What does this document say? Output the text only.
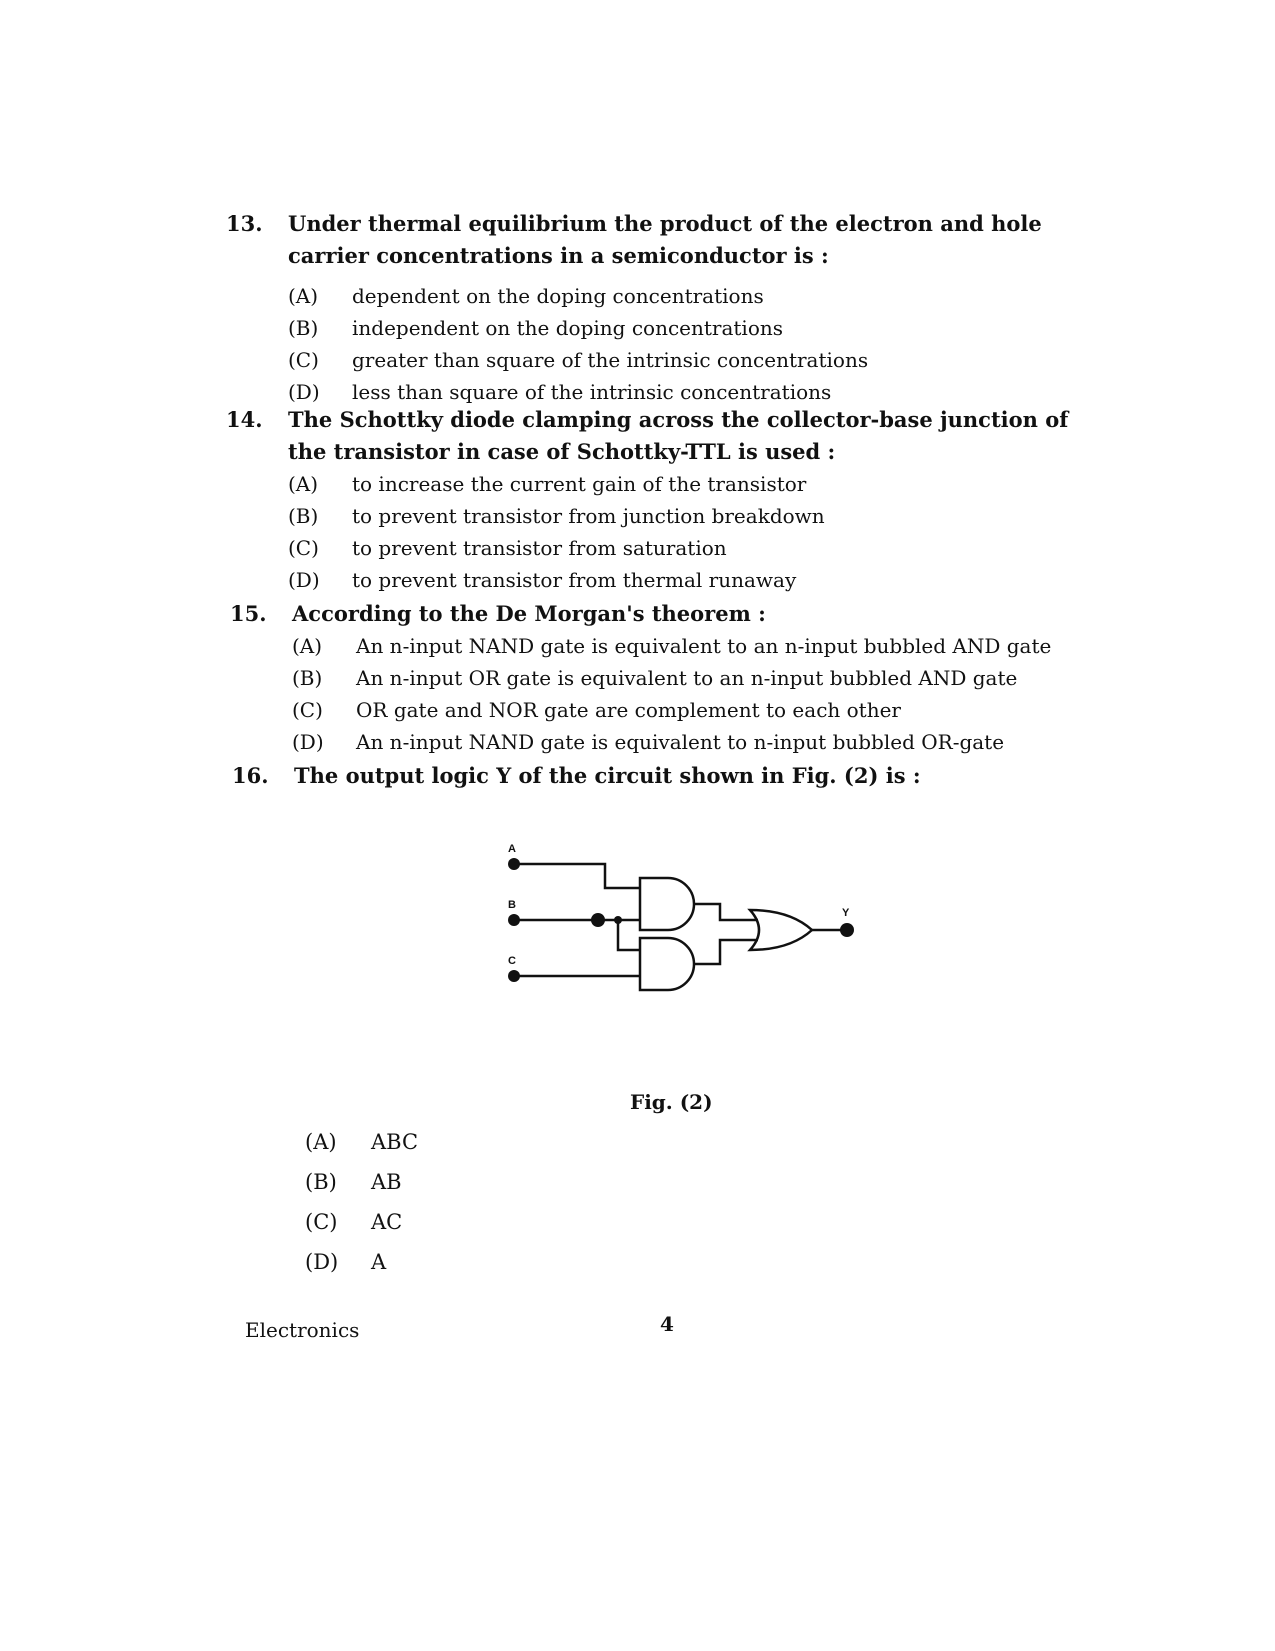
13. Under thermal equilibrium the product of the electron and hole carrier concentrations in a semiconductor is :
(A) dependent on the doping concentrations
(B) independent on the doping concentrations
(C) greater than square of the intrinsic concentrations
(D) less than square of the intrinsic concentrations
14. The Schottky diode clamping across the collector-base junction of the transistor in case of Schottky-TTL is used :
(A) to increase the current gain of the transistor
(B) to prevent transistor from junction breakdown
(C) to prevent transistor from saturation
(D) to prevent transistor from thermal runaway
15. According to the De Morgan's theorem :
(A) An n-input NAND gate is equivalent to an n-input bubbled AND gate
(B) An n-input OR gate is equivalent to an n-input bubbled AND gate
(C) OR gate and NOR gate are complement to each other
(D) An n-input NAND gate is equivalent to n-input bubbled OR-gate
16. The output logic Y of the circuit shown in Fig. (2) is :
A
B
C
Y
Fig. (2)
(A) ABC
(B) AB
(C) AC
(D) A
Electronics	4
